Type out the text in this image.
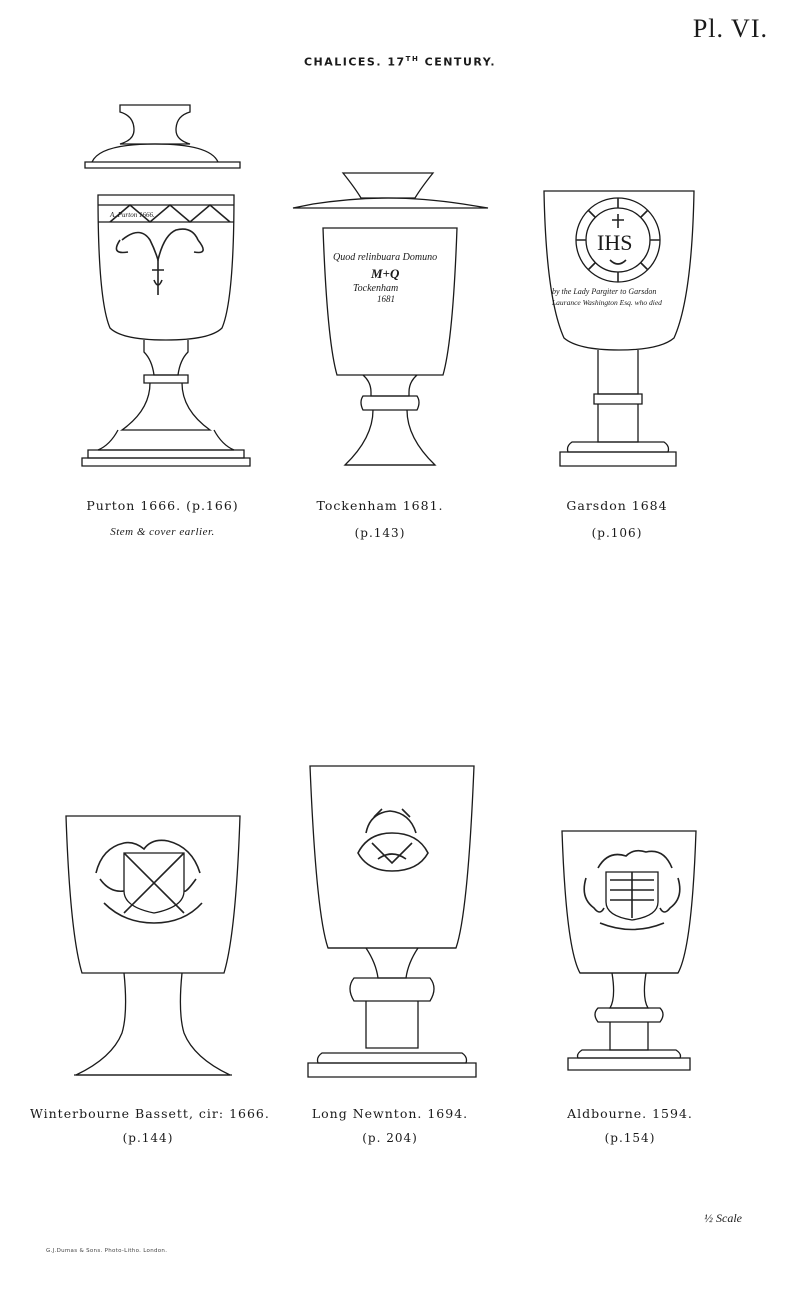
Pl. VI.
CHALICES. 17TH CENTURY.
A. Purton 1666.
Purton 1666. (p.166)
Stem & cover earlier.
Quod relinbuara Domuno
M+Q
Tockenham
1681
Tockenham 1681.
(p.143)
IHS
by the Lady Pargiter to Garsdon
Laurance Washington Esq. who died
Garsdon 1684
(p.106)
Winterbourne Bassett, cir: 1666.
(p.144)
Long Newnton. 1694.
(p. 204)
Aldbourne. 1594.
(p.154)
½ Scale
G.J.Dumas & Sons. Photo-Litho. London.
